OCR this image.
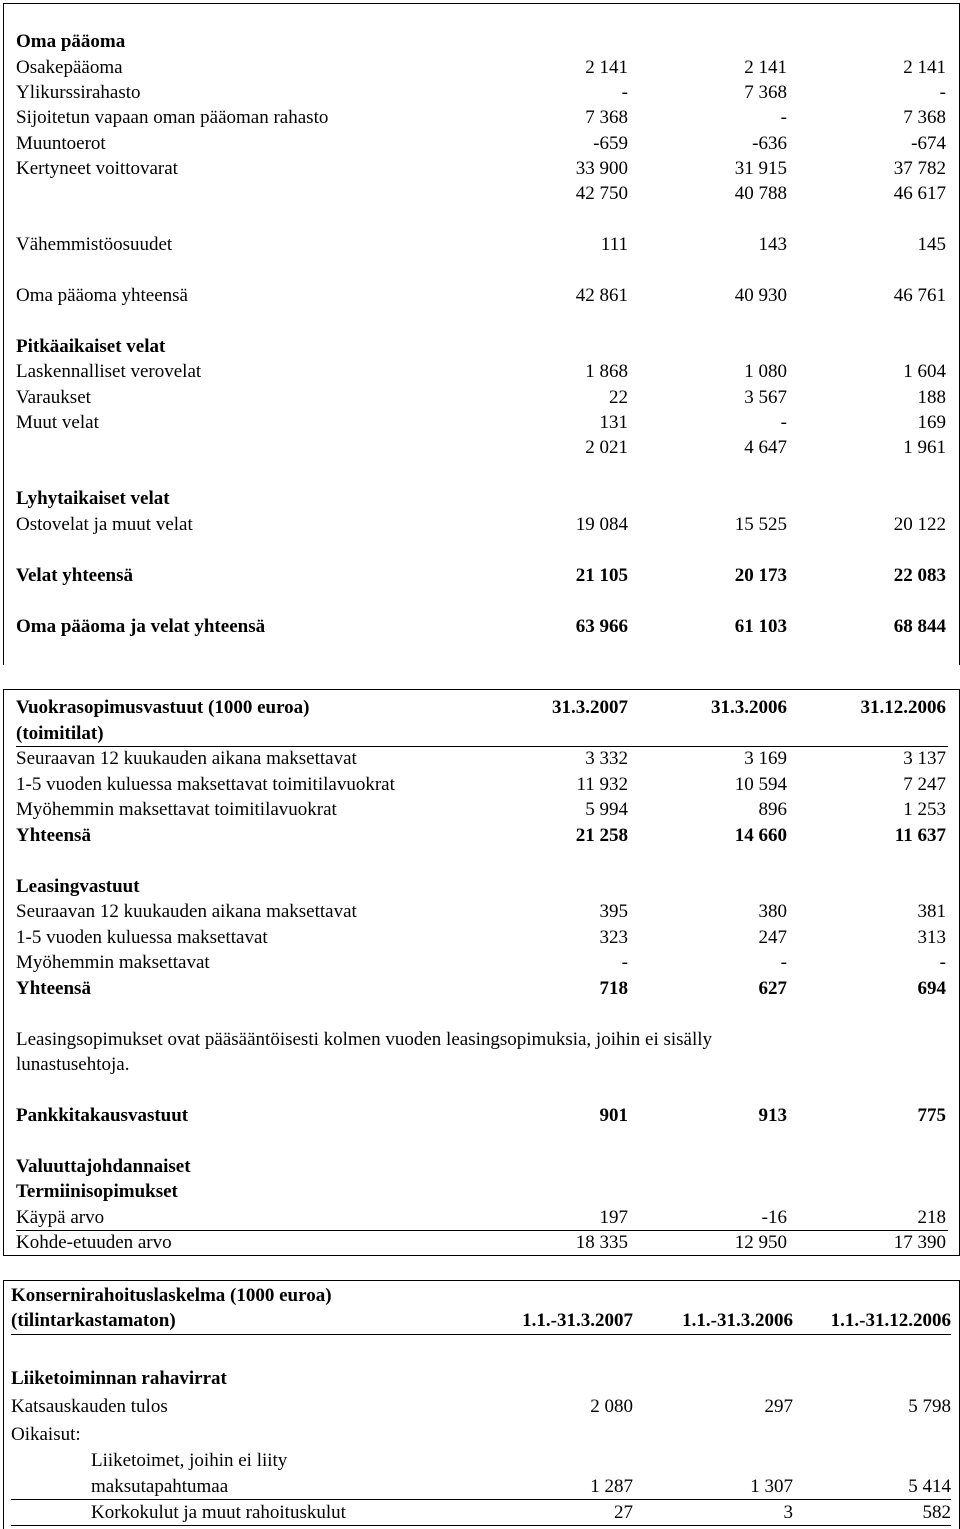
Oma pääoma
Osakepääoma	2 141	2 141	2 141
Ylikurssirahasto	-	7 368	-
Sijoitetun vapaan oman pääoman rahasto	7 368	-	7 368
Muuntoerot	-659	-636	-674
Kertyneet voittovarat	33 900	31 915	37 782
42 750	40 788	46 617
Vähemmistöosuudet	111	143	145
Oma pääoma yhteensä	42 861	40 930	46 761
Pitkäaikaiset velat
Laskennalliset verovelat	1 868	1 080	1 604
Varaukset	22	3 567	188
Muut velat	131	-	169
2 021	4 647	1 961
Lyhytaikaiset velat
Ostovelat ja muut velat	19 084	15 525	20 122
Velat yhteensä	21 105	20 173	22 083
Oma pääoma ja velat yhteensä	63 966	61 103	68 844
Vuokrasopimusvastuut (1000 euroa)	31.3.2007	31.3.2006	31.12.2006
(toimitilat)
Seuraavan 12 kuukauden aikana maksettavat	3 332	3 169	3 137
1-5 vuoden kuluessa maksettavat toimitilavuokrat	11 932	10 594	7 247
Myöhemmin maksettavat toimitilavuokrat	5 994	896	1 253
Yhteensä	21 258	14 660	11 637
Leasingvastuut
Seuraavan 12 kuukauden aikana maksettavat	395	380	381
1-5 vuoden kuluessa maksettavat	323	247	313
Myöhemmin maksettavat	-	-	-
Yhteensä	718	627	694
Leasingsopimukset ovat pääsääntöisesti kolmen vuoden leasingsopimuksia, joihin ei sisälly
lunastusehtoja.
Pankkitakausvastuut	901	913	775
Valuuttajohdannaiset
Termiinisopimukset
Käypä arvo	197	-16	218
Kohde-etuuden arvo	18 335	12 950	17 390
Konsernirahoituslaskelma (1000 euroa)
(tilintarkastamaton)	1.1.-31.3.2007	1.1.-31.3.2006	1.1.-31.12.2006
Liiketoiminnan rahavirrat
Katsauskauden tulos	2 080	297	5 798
Oikaisut:
Liiketoimet, joihin ei liity
maksutapahtumaa	1 287	1 307	5 414
Korkokulut ja muut rahoituskulut	27	3	582
